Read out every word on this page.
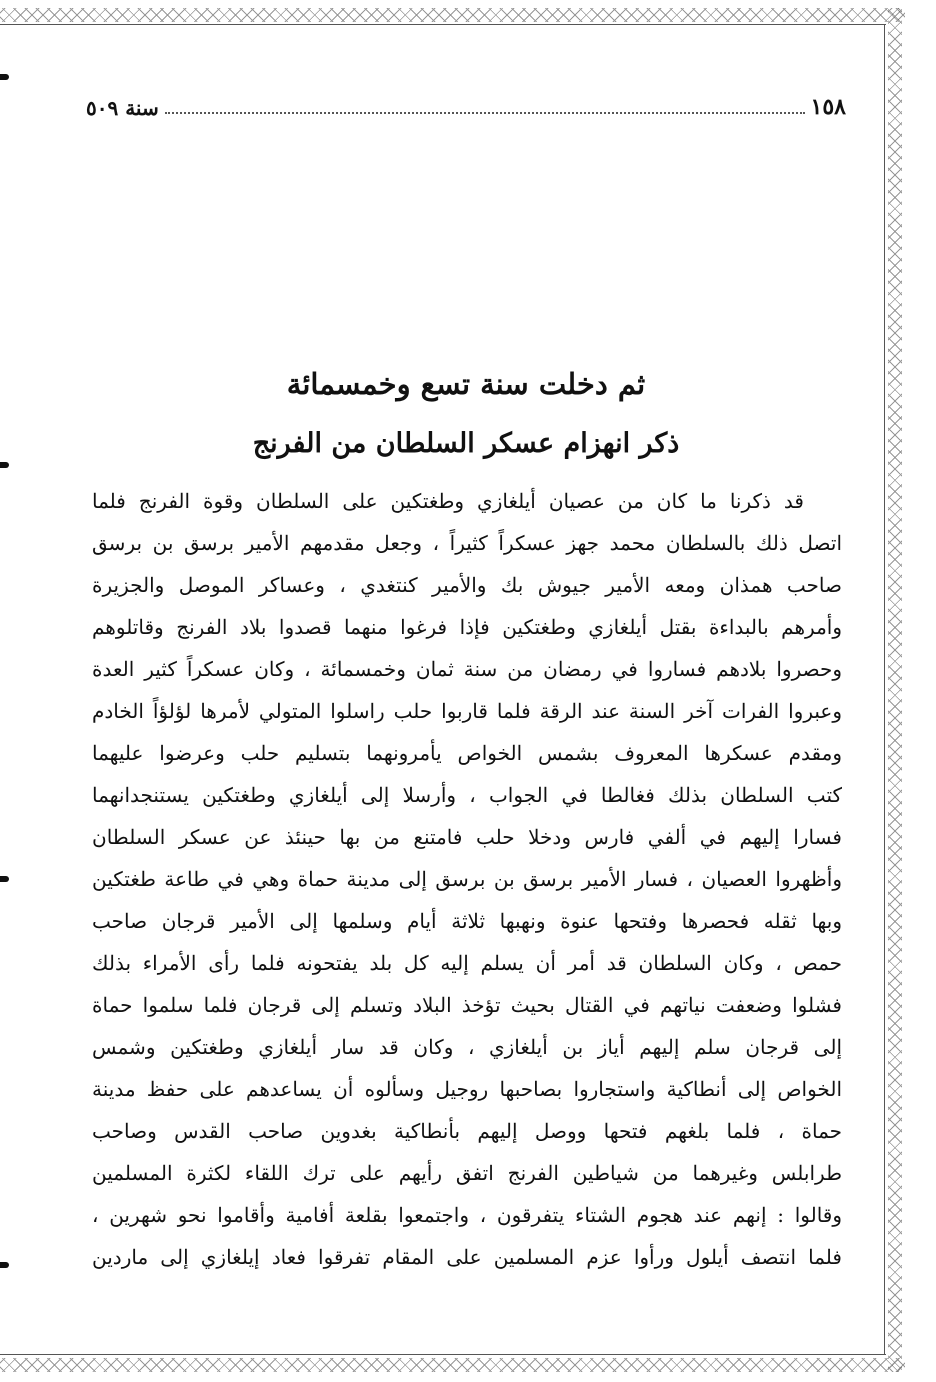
١٥٨
سنة ٥٠٩
ثم دخلت سنة تسع وخمسمائة
ذكر انهزام عسكر السلطان من الفرنج
قد ذكرنا ما كان من عصيان أيلغازي وطغتكين على السلطان وقوة الفرنج فلما
اتصل ذلك بالسلطان محمد جهز عسكراً كثيراً ، وجعل مقدمهم الأمير برسق بن برسق
صاحب همذان ومعه الأمير جيوش بك والأمير كنتغدي ، وعساكر الموصل والجزيرة
وأمرهم بالبداءة بقتل أيلغازي وطغتكين فإذا فرغوا منهما قصدوا بلاد الفرنج وقاتلوهم
وحصروا بلادهم فساروا في رمضان من سنة ثمان وخمسمائة ، وكان عسكراً كثير العدة
وعبروا الفرات آخر السنة عند الرقة فلما قاربوا حلب راسلوا المتولي لأمرها لؤلؤاً الخادم
ومقدم عسكرها المعروف بشمس الخواص يأمرونهما بتسليم حلب وعرضوا عليهما
كتب السلطان بذلك فغالطا في الجواب ، وأرسلا إلى أيلغازي وطغتكين يستنجدانهما
فسارا إليهم في ألفي فارس ودخلا حلب فامتنع من بها حينئذ عن عسكر السلطان
وأظهروا العصيان ، فسار الأمير برسق بن برسق إلى مدينة حماة وهي في طاعة طغتكين
وبها ثقله فحصرها وفتحها عنوة ونهبها ثلاثة أيام وسلمها إلى الأمير قرجان صاحب
حمص ، وكان السلطان قد أمر أن يسلم إليه كل بلد يفتحونه فلما رأى الأمراء بذلك
فشلوا وضعفت نياتهم في القتال بحيث تؤخذ البلاد وتسلم إلى قرجان فلما سلموا حماة
إلى قرجان سلم إليهم أياز بن أيلغازي ، وكان قد سار أيلغازي وطغتكين وشمس
الخواص إلى أنطاكية واستجاروا بصاحبها روجيل وسألوه أن يساعدهم على حفظ مدينة
حماة ، فلما بلغهم فتحها ووصل إليهم بأنطاكية بغدوين صاحب القدس وصاحب
طرابلس وغيرهما من شياطين الفرنج اتفق رأيهم على ترك اللقاء لكثرة المسلمين
وقالوا : إنهم عند هجوم الشتاء يتفرقون ، واجتمعوا بقلعة أفامية وأقاموا نحو شهرين ،
فلما انتصف أيلول ورأوا عزم المسلمين على المقام تفرقوا فعاد إيلغازي إلى ماردين
